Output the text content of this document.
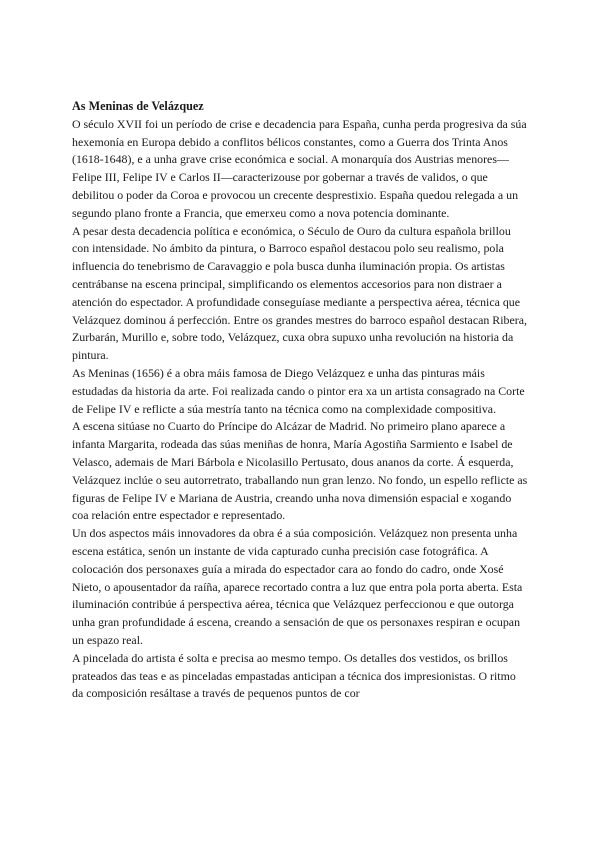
As Meninas de Velázquez

O século XVII foi un período de crise e decadencia para España, cunha perda progresiva da súa hexemonía en Europa debido a conflitos bélicos constantes, como a Guerra dos Trinta Anos (1618-1648), e a unha grave crise económica e social. A monarquía dos Austrias menores—Felipe III, Felipe IV e Carlos II—caracterizouse por gobernar a través de validos, o que debilitou o poder da Coroa e provocou un crecente desprestixio. España quedou relegada a un segundo plano fronte a Francia, que emerxeu como a nova potencia dominante.

A pesar desta decadencia política e económica, o Século de Ouro da cultura española brillou con intensidade. No ámbito da pintura, o Barroco español destacou polo seu realismo, pola influencia do tenebrismo de Caravaggio e pola busca dunha iluminación propia. Os artistas centrábanse na escena principal, simplificando os elementos accesorios para non distraer a atención do espectador. A profundidade conseguíase mediante a perspectiva aérea, técnica que Velázquez dominou á perfección. Entre os grandes mestres do barroco español destacan Ribera, Zurbarán, Murillo e, sobre todo, Velázquez, cuxa obra supuxo unha revolución na historia da pintura.

As Meninas (1656) é a obra máis famosa de Diego Velázquez e unha das pinturas máis estudadas da historia da arte. Foi realizada cando o pintor era xa un artista consagrado na Corte de Felipe IV e reflicte a súa mestría tanto na técnica como na complexidade compositiva.

A escena sitúase no Cuarto do Príncipe do Alcázar de Madrid. No primeiro plano aparece a infanta Margarita, rodeada das súas meniñas de honra, María Agostiña Sarmiento e Isabel de Velasco, ademais de Mari Bárbola e Nicolasillo Pertusato, dous ananos da corte. Á esquerda, Velázquez inclúe o seu autorretrato, traballando nun gran lenzo. No fondo, un espello reflicte as figuras de Felipe IV e Mariana de Austria, creando unha nova dimensión espacial e xogando coa relación entre espectador e representado.

Un dos aspectos máis innovadores da obra é a súa composición. Velázquez non presenta unha escena estática, senón un instante de vida capturado cunha precisión case fotográfica. A colocación dos personaxes guía a mirada do espectador cara ao fondo do cadro, onde Xosé Nieto, o apousentador da raíña, aparece recortado contra a luz que entra pola porta aberta. Esta iluminación contribúe á perspectiva aérea, técnica que Velázquez perfeccionou e que outorga unha gran profundidade á escena, creando a sensación de que os personaxes respiran e ocupan un espazo real.

A pincelada do artista é solta e precisa ao mesmo tempo. Os detalles dos vestidos, os brillos prateados das teas e as pinceladas empastadas anticipan a técnica dos impresionistas. O ritmo da composición resáltase a través de pequenos puntos de cor
